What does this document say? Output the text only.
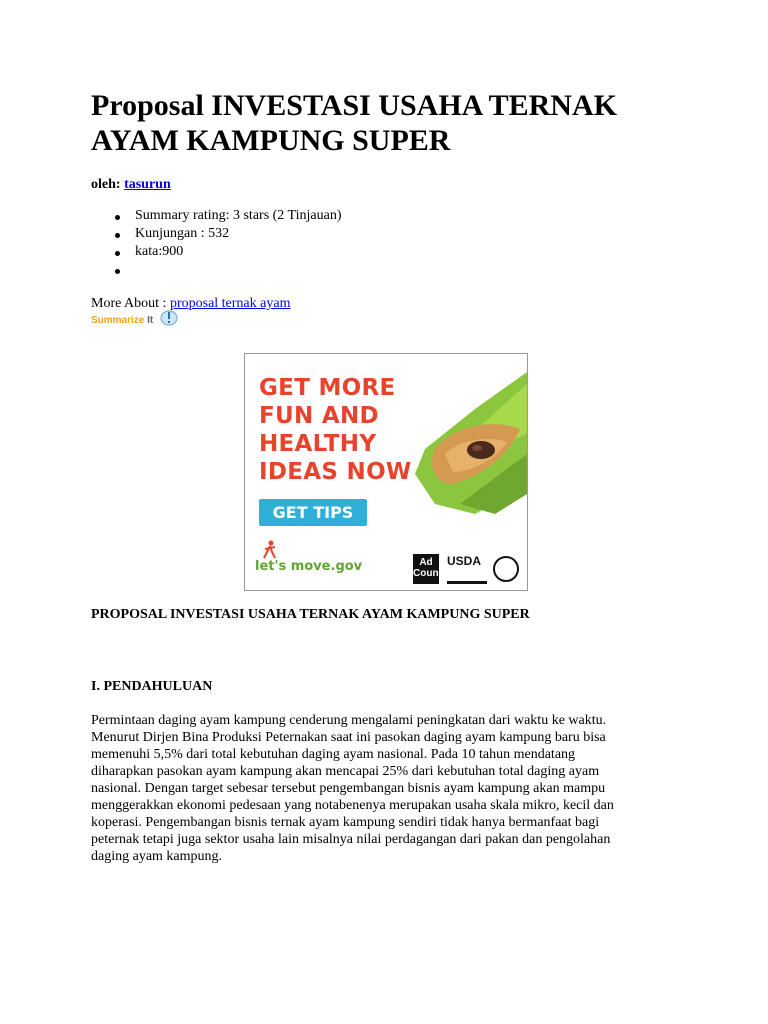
Proposal INVESTASI USAHA TERNAK AYAM KAMPUNG SUPER
oleh: tasurun
Summary rating: 3 stars (2 Tinjauan)
Kunjungan : 532
kata:900
More About : proposal ternak ayam
Summarize It
GET MORE
FUN AND
HEALTHY
IDEAS NOW
GET TIPS
let's move.gov	Ad Council
USDA
PROPOSAL INVESTASI USAHA TERNAK AYAM KAMPUNG SUPER
I. PENDAHULUAN
Permintaan daging ayam kampung cenderung mengalami peningkatan dari waktu ke waktu.
Menurut Dirjen Bina Produksi Peternakan saat ini pasokan daging ayam kampung baru bisa
memenuhi 5,5% dari total kebutuhan daging ayam nasional. Pada 10 tahun mendatang
diharapkan pasokan ayam kampung akan mencapai 25% dari kebutuhan total daging ayam
nasional. Dengan target sebesar tersebut pengembangan bisnis ayam kampung akan mampu
menggerakkan ekonomi pedesaan yang notabenenya merupakan usaha skala mikro, kecil dan
koperasi. Pengembangan bisnis ternak ayam kampung sendiri tidak hanya bermanfaat bagi
peternak tetapi juga sektor usaha lain misalnya nilai perdagangan dari pakan dan pengolahan
daging ayam kampung.
